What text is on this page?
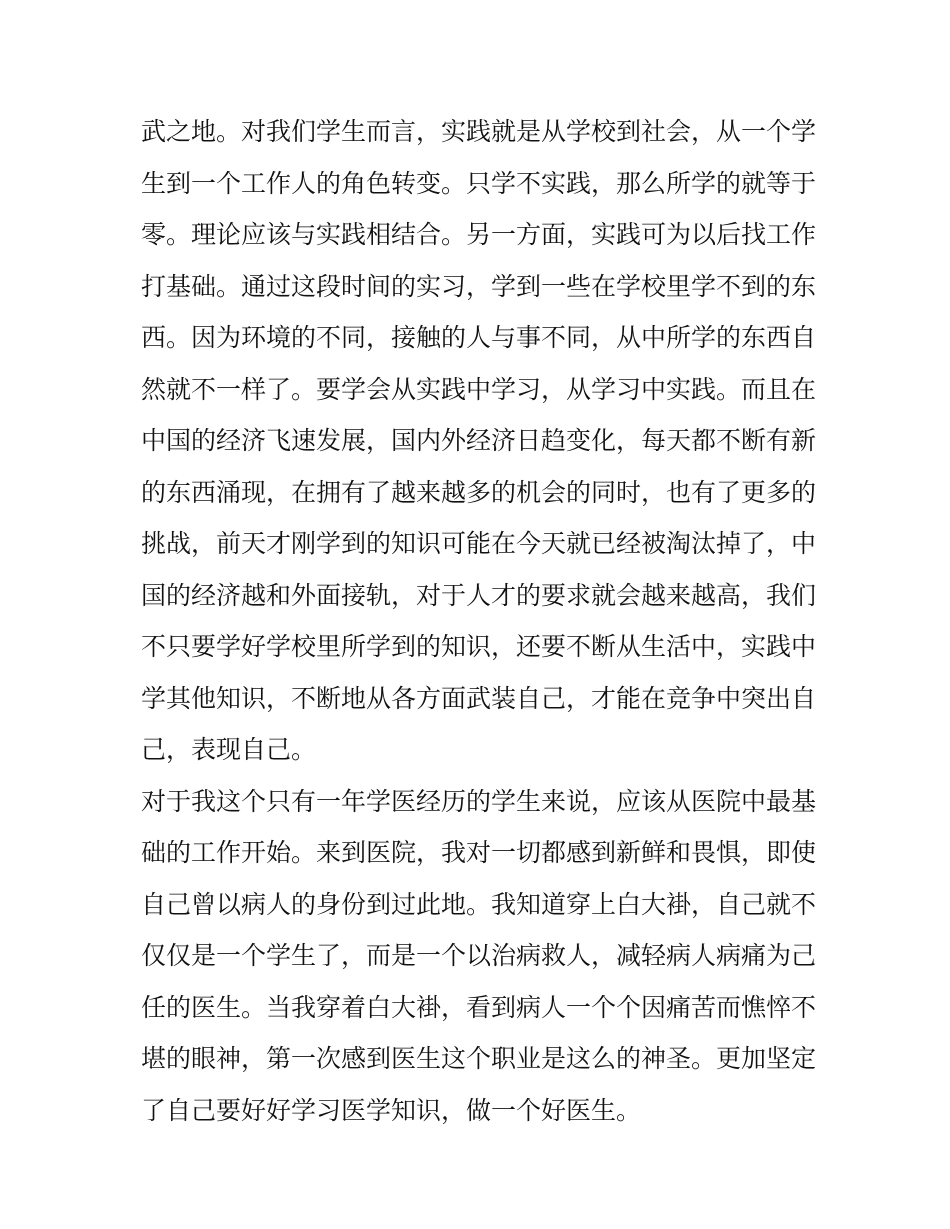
武之地。对我们学生而言，实践就是从学校到社会，从一个学
生到一个工作人的角色转变。只学不实践，那么所学的就等于
零。理论应该与实践相结合。另一方面，实践可为以后找工作
打基础。通过这段时间的实习，学到一些在学校里学不到的东
西。因为环境的不同，接触的人与事不同，从中所学的东西自
然就不一样了。要学会从实践中学习，从学习中实践。而且在
中国的经济飞速发展，国内外经济日趋变化，每天都不断有新
的东西涌现，在拥有了越来越多的机会的同时，也有了更多的
挑战，前天才刚学到的知识可能在今天就已经被淘汰掉了，中
国的经济越和外面接轨，对于人才的要求就会越来越高，我们
不只要学好学校里所学到的知识，还要不断从生活中，实践中
学其他知识，不断地从各方面武装自己，才能在竞争中突出自
己，表现自己。
对于我这个只有一年学医经历的学生来说，应该从医院中最基
础的工作开始。来到医院，我对一切都感到新鲜和畏惧，即使
自己曾以病人的身份到过此地。我知道穿上白大褂，自己就不
仅仅是一个学生了，而是一个以治病救人，减轻病人病痛为己
任的医生。当我穿着白大褂，看到病人一个个因痛苦而憔悴不
堪的眼神，第一次感到医生这个职业是这么的神圣。更加坚定
了自己要好好学习医学知识，做一个好医生。
